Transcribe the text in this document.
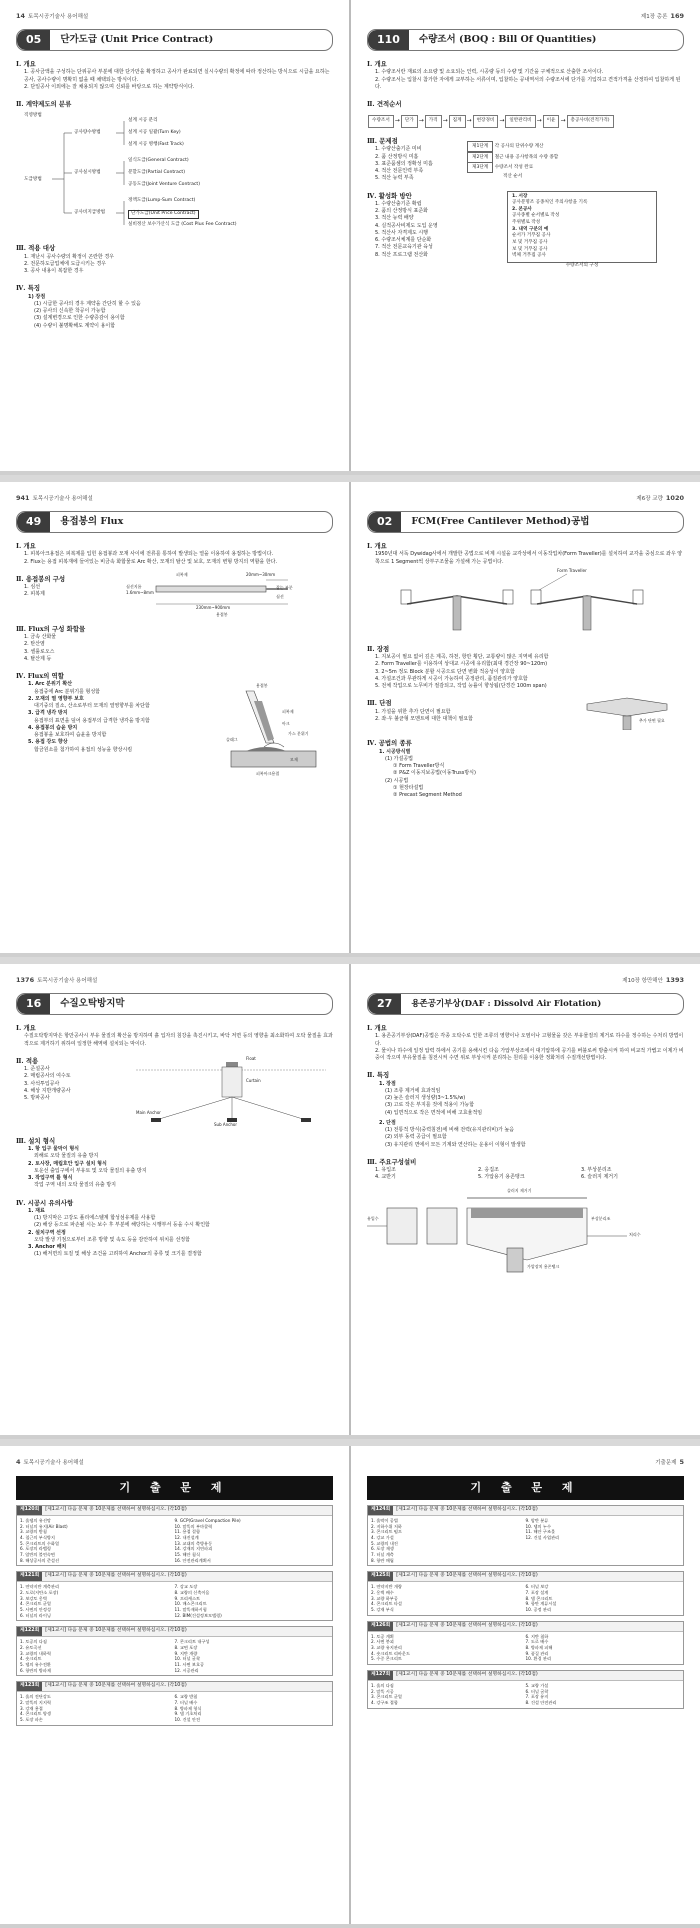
14 토목시공기술사 용어해설
05	단가도급 (Unit Price Contract)
Ⅰ. 개요
1. 공사금액을 구성하는 단위공사 부분에 대한 단가만을 확정하고 공사가 완료되면 실시수량의 확정에 따라 정산하는 방식으로 시급을 요하는 공사, 공사수량이 명확히 없을 때 채택되는 방식이다.
2. 단일공사 이외에는 잘 채용되지 않으며 신뢰를 바탕으로 하는 계약방식이다.
Ⅱ. 계약제도의 분류
직영방법
도급방법
공사량수방법
공사실시방법
공사비지급방법
설계 시공 분리
설계 시공 일괄(Turn Key)
설계 시공 병행(Fast Track)
일식도급(General Contract)
분할도급(Partial Contract)
공동도급(Joint Venture Contract)
정액도급(Lump-Sum Contract)
단가도급(Unit Price Contract)
실비정산 보수가산식 도급 (Cost Plus Fee Contract)
Ⅲ. 적용 대상
1. 재난시 공사수량의 확정이 곤란한 경우
2. 전문하도급업체에 도급시키는 경우
3. 공사 내용이 복잡한 경우
Ⅳ. 특징
1) 장점
(1) 시급한 공사의 경우 계약을 간단히 할 수 있음
(2) 공사의 신속한 착공이 가능함
(3) 설계변경으로 인한 수량증감이 용이함
(4) 수량이 불명확해도 계약이 용이함
제1장 총론 169
110	수량조서 (BOQ : Bill Of Quantities)
Ⅰ. 개요
1. 수량조서란 재료의 소요량 및 소요되는 인력, 시공량 등의 수량 및 기간을 구체적으로 산출한 조서이다.
2. 수량조서는 입찰시 참가한 자에게 교부하는 서류이며, 입찰하는 공내역서의 수량조서에 단가를 기입하고 견적가격을 산정하여 입찰하게 된다.
Ⅱ. 견적순서
수량조서 →	단가 →	가격 →	집계 →	현장경비 →	일반관리비 →	이윤 →	총공사비(견적가격)
Ⅲ. 문제점
1. 수량산출기준 미비
2. 품 산정방식 미흡
3. 표준품셈의 정확성 미흡
4. 적산 전문인력 부족
5. 적산 능력 부족
제1단계 각 공사의 단위수량 계산
제2단계 철근 내용 공사항목의 수량 종합
제3단계 수량조서 작성 완료
적산 순서
Ⅳ. 활성화 방안
1. 수량산출기준 확립
2. 품의 산정방식 표준화
3. 적산 능력 배양
4. 실적공사비제도 도입 운영
5. 적산사 자격제도 시행
6. 수량조서체계를 단순화
7. 적산 전문교육기관 육성
8. 적산 프로그램 전산화
1. 서장
공사분명조 공종처인 주의사항을 기록
2. 본공사
공사종별 순서별로 작성
주위별로 작성
3. 내역 구분의 예
순서가 거푸집 공사
보 및 거푸집 공사
보 및 거푸집 공사
벽체 거푸집 공사
수량조서의 구성
941 토목시공기술사 용어해설
49	용접봉의 Flux
Ⅰ. 개요
1. 피복아크용접은 피복제를 입힌 용접봉과 모재 사이에 전류를 통하여 발생되는 열을 이용하여 용접하는 방법이다.
2. Flux는 용접 피복재에 들어있는 비금속 화합물로 Arc 확산, 모재의 탈산 및 보호, 모재의 변형 방지의 역할을 한다.
Ⅱ. 용접봉의 구성
1. 심선
2. 피복제
피복제	20mm~30mm
잡는 부분
심선지름 1.6mm~8mm
230mm~900mm
심선
용접봉
Ⅲ. Flux의 구성 화합물
1. 금속 산화물
2. 탄산염
3. 셀룰로오스
4. 탈산제 등
Ⅳ. Flux의 역할
1. Arc 분위기 확산
용접중에 Arc 분위기를 형성함
2. 모재의 열 영향부 보호
대기중의 질소, 산소로부터 모재의 열영향부를 차단함
3. 급격 냉각 방지
용접부의 표면을 덮어 용접부의 급격한 냉각을 방지함
4. 용접봉의 습윤 방지
용접봉을 보호하여 습윤을 방지함
5. 용접 강도 향상
합금원소를 첨가하여 용접의 성능을 향상시킴
용접봉
피복제
아크
가스 분위기
슬래그
모재
피복아크용접
제6장 교량 1020
02	FCM(Free Cantilever Method)공법
Ⅰ. 개요
1950년대 서독 Dywidag사에서 개발한 공법으로 비계 시설을 교각상에서 이동작업차(Form Traveller)를 설치하여 교각을 중심으로 좌우 양쪽으로 1 Segment씩 상부구조물을 가설해 가는 공법이다.
Form Traveller
Ⅱ. 장점
1. 지보공이 필요 없어 깊은 계곡, 하천, 항만 횡단, 교통량이 많은 지역에 유리함
2. Form Traveller를 이용하여 상대교 시공에 유리함(최대 경간장 90~120m)
3. 2~5m 정도 Block 분할 시공으로 단면 변화 적응성이 양호함
4. 가설조건과 무관하게 시공이 가능하여 공정관리, 품질관리가 양호함
5. 전체 작업으로 노무비가 절감되고, 작업 능률이 향상됨(단경간 100m span)
Ⅲ. 단점
1. 가설을 위한 추가 단면이 필요함
2. 좌·우 불균형 모멘트에 대한 대책이 필요함	추가 단면 필요
Ⅳ. 공법의 종류
1. 시공방식별
(1) 가설공법
① Form Traveller방식
② P&Z 이동지보공법(이동Truss방식)
(2) 시공법
① 현장타설법
② Precast Segment Method
1376 토목시공기술사 용어해설
16	수질오탁방지막
Ⅰ. 개요
수질오탁방지막은 항만공사시 부유 물질의 확산을 방지하며 흙 입자의 침강을 촉진시키고, 바닥 저면 등의 영향을 최소화하여 오탁 물질을 효과적으로 제거하기 위하여 일정한 해역에 설치되는 막이다.
Ⅱ. 적용
1. 준설공사
2. 매립공사의 여수토
3. 사석투입공사
4. 해상 지반개량공사
5. 방파공사
Float
Curtain
Main Anchor
Sub Anchor
Ⅲ. 설치 형식
1. 항 입구 물막이 형식
외해로 오탁 물질의 유출 방지
2. 토사장, 매립호안 입구 설치 형식
토운선 출입구에서 부유토 및 오탁 물질의 유출 방지
3. 작업구역 틀 형식
작업 구역 내의 오탁 물질의 유출 방지
Ⅳ. 시공시 유의사항
1. 재료
(1) 방지막은 고강도 폴리에스텔계 합성섬유제를 사용함
(2) 해상 등으로 파손될 시는 보수 후 부분에 해당하는 시행부서 등을 수시 확인함
2. 설치구역 선정
오탁 발생 기점으로부터 조류 방향 및 속도 등을 감안하여 위치를 선정함
3. Anchor 배치
(1) 해저면의 토질 및 해상 조건을 고려하여 Anchor의 종류 및 크기를 결정함
제10장 항만해안 1393
27	용존공기부상(DAF : Dissolvd Air Flotation)
Ⅰ. 개요
1. 용존공기부상(DAF)공법은 각종 오탁수로 인한 조류의 영향이나 오염이나 고형물을 갖은 부유물질의 제거로 하수를 정수하는 수처리 방법이다.
2. 물이나 하수에 일정 압력 하에서 공기를 용해시킨 다음 가압부상조에서 대기압하에 공기를 버블로써 방출시켜 하여 비교적 가볍고 이제가 비중이 작으며 부유물질을 침전시켜 수면 위로 부상시켜 분리하는 원리를 이용한 정화처리 수질개선방법이다.
Ⅱ. 특징
1. 장점
(1) 조류 제거에 효과적임
(2) 높은 슬러지 생성량(3~1.5%/w)
(3) 고로 작은 부지를 것에 적용이 가능함
(4) 입면적으로 작은 면적에 비해 고효율적임
2. 단점
(1) 전통적 방식(중력침전)에 비해 전력(유지관리비)가 높음
(2) 외부 동력 공급이 필요함
(3) 유지관리 면에서 모든 기계와 연산하는 운용이 이형이 발생함
Ⅲ. 주요구성설비
1. 유입조	2. 응집조	3. 부상분리조
4. 교반기	5. 가압용기 용존탱크	6. 슬러지 제거기
슬러지 제거기
유입수	부상분리조
처리수
가압장치 용존탱크
4 토목시공기술사 용어해설
기 출 문 제
제120회	[제1교시] 다음 문제 중 10문제를 선택하여 설명하십시오. (각10점)
1. 흙댐의 유선망
2. 터널의 유지(Air Blast)
3. 교량의 받침
4. 철근의 부식방지
5. 콘크리트의 수화열
6. 포장의 라벨링
7. 암반의 불연속면
8. 해상공사의 준설선
9. GCP(Gravel Compaction Pile)
10. 말뚝의 부마찰력
11. 용접 결함
12. 내진설계
13. 교대의 측방유동
14. 강재의 지연파괴
15. 해안 침식
16. 안전관리계획서
제121회	[제1교시] 다음 문제 중 10문제를 선택하여 설명하십시오. (각10점)
1. 연약지반 계측관리
2. 도로(저탄소 포장)
3. 보강토 옹벽
4. 콘크리트 균열
5. 사면의 안정성
6. 터널의 라이닝
7. 강교 도장
8. 교량의 신축이음
9. 프리캐스트
10. 매스콘크리트
11. 말뚝재하시험
12. BIM(건설정보모델링)
제122회	[제1교시] 다음 문제 중 10문제를 선택하여 설명하십시오. (각10점)
1. 토공의 다짐
2. 유토곡선
3. 교량의 내하력
4. 숏크리트
5. 댐의 유수전환
6. 항만의 방파제
7. 콘크리트 내구성
8. 교면 포장
9. 지반 개량
10. 터널 굴착
11. 사면 보호공
12. 시공관리
제123회	[제1교시] 다음 문제 중 10문제를 선택하여 설명하십시오. (각10점)
1. 흙의 전단강도
2. 말뚝의 지지력
3. 강재 용접
4. 콘크리트 양생
5. 포장 파손
6. 교량 받침
7. 터널 배수
8. 방파제 형식
9. 댐 기초처리
10. 건설 안전
기출문제 5
기 출 문 제
제124회	[제1교시] 다음 문제 중 10문제를 선택하여 설명하십시오. (각10점)
1. 흙막이 공법
2. 지하수위 저하
3. 콘크리트 펌프
4. 강교 가설
5. 교량의 내진
6. 포장 재생
7. 터널 계측
8. 항만 매립
9. 암반 분류
10. 댐의 누수
11. 해안 구조물
12. 건설 사업관리
제125회	[제1교시] 다음 문제 중 10문제를 선택하여 설명하십시오. (각10점)
1. 연약지반 개량
2. 옹벽 배수
3. 교량 하부공
4. 콘크리트 타설
5. 강재 부식
6. 터널 보강
7. 포장 설계
8. 댐 콘크리트
9. 항만 계류시설
10. 공정 관리
제126회	[제1교시] 다음 문제 중 10문제를 선택하여 설명하십시오. (각10점)
1. 토공 계획
2. 사면 붕괴
3. 교량 유지관리
4. 숏크리트 리바운드
5. 수중 콘크리트
6. 지반 침하
7. 도로 배수
8. 방파제 피해
9. 품질 관리
10. 환경 관리
제127회	[제1교시] 다음 문제 중 10문제를 선택하여 설명하십시오. (각10점)
1. 흙의 다짐
2. 말뚝 시공
3. 콘크리트 균열
4. 강구조 접합
5. 교량 가설
6. 터널 굴착
7. 포장 유지
8. 건설 안전관리
